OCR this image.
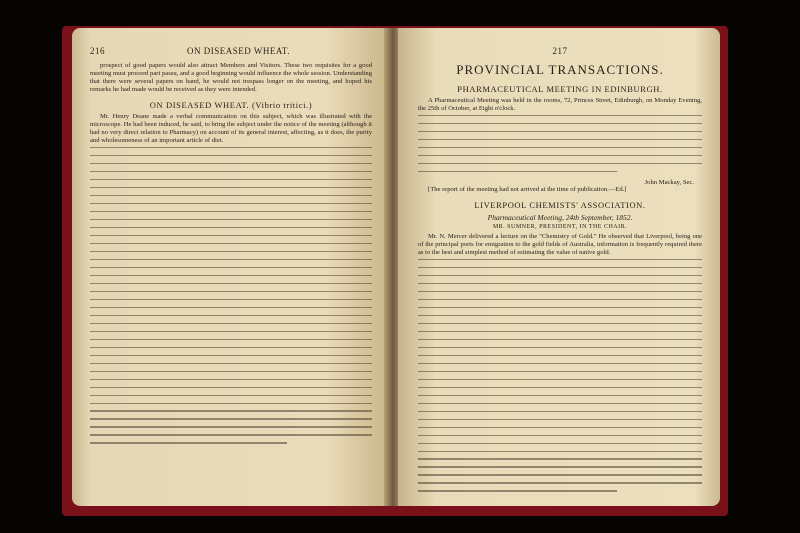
216	ON DISEASED WHEAT.

prospect of good papers would also attract Members and Visitors. These two requisites for a good meeting must proceed pari passu, and a good beginning would influence the whole session. Understanding that there were several papers on hand, he would not trespass longer on the meeting, and hoped his remarks he had made would be received as they were intended.

ON DISEASED WHEAT. (Vibrio tritici.)

Mr. Henry Deane made a verbal communication on this subject, which was illustrated with the microscope. He had been induced, he said, to bring the subject under the notice of the meeting (although it had no very direct relation to Pharmacy) on account of its general interest, affecting, as it does, the purity and wholesomeness of an important article of diet.

217
PROVINCIAL TRANSACTIONS.
PHARMACEUTICAL MEETING IN EDINBURGH.

A Pharmaceutical Meeting was held in the rooms, 72, Princes Street, Edinburgh, on Monday Evening, the 25th of October, at Eight o'clock.

John Mackay, Sec.

[The report of the meeting had not arrived at the time of publication.—Ed.]

LIVERPOOL CHEMISTS' ASSOCIATION.
Pharmaceutical Meeting, 24th September, 1852.
MR. SUMNER, PRESIDENT, IN THE CHAIR.

Mr. N. Mercer delivered a lecture on the "Chemistry of Gold." He observed that Liverpool, being one of the principal ports for emigration to the gold fields of Australia, information is frequently required there as to the best and simplest method of estimating the value of native gold.
